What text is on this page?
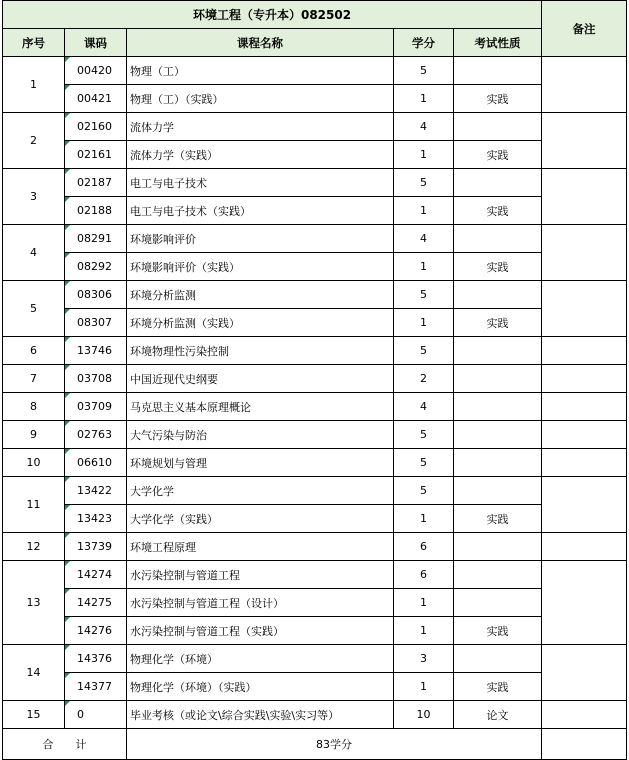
环境工程（专升本）082502					备注
序号	课码	课程名称	学分	考试性质	
1	00420	物理（工）	5		
	00421	物理（工）（实践）	1	实践	
2	02160	流体力学	4		
	02161	流体力学（实践）	1	实践	
3	02187	电工与电子技术	5		
	02188	电工与电子技术（实践）	1	实践	
4	08291	环境影响评价	4		
	08292	环境影响评价（实践）	1	实践	
5	08306	环境分析监测	5		
	08307	环境分析监测（实践）	1	实践	
6	13746	环境物理性污染控制	5		
7	03708	中国近现代史纲要	2		
8	03709	马克思主义基本原理概论	4		
9	02763	大气污染与防治	5		
10	06610	环境规划与管理	5		
11	13422	大学化学	5		
	13423	大学化学（实践）	1	实践	
12	13739	环境工程原理	6		
13	14274	水污染控制与管道工程	6		
	14275	水污染控制与管道工程（设计）	1		
	14276	水污染控制与管道工程（实践）	1	实践	
14	14376	物理化学（环境）	3		
	14377	物理化学（环境）（实践）	1	实践	
15	0	毕业考核（或论文\综合实践\实验\实习等）	10	论文	
合　　计		83学分			
